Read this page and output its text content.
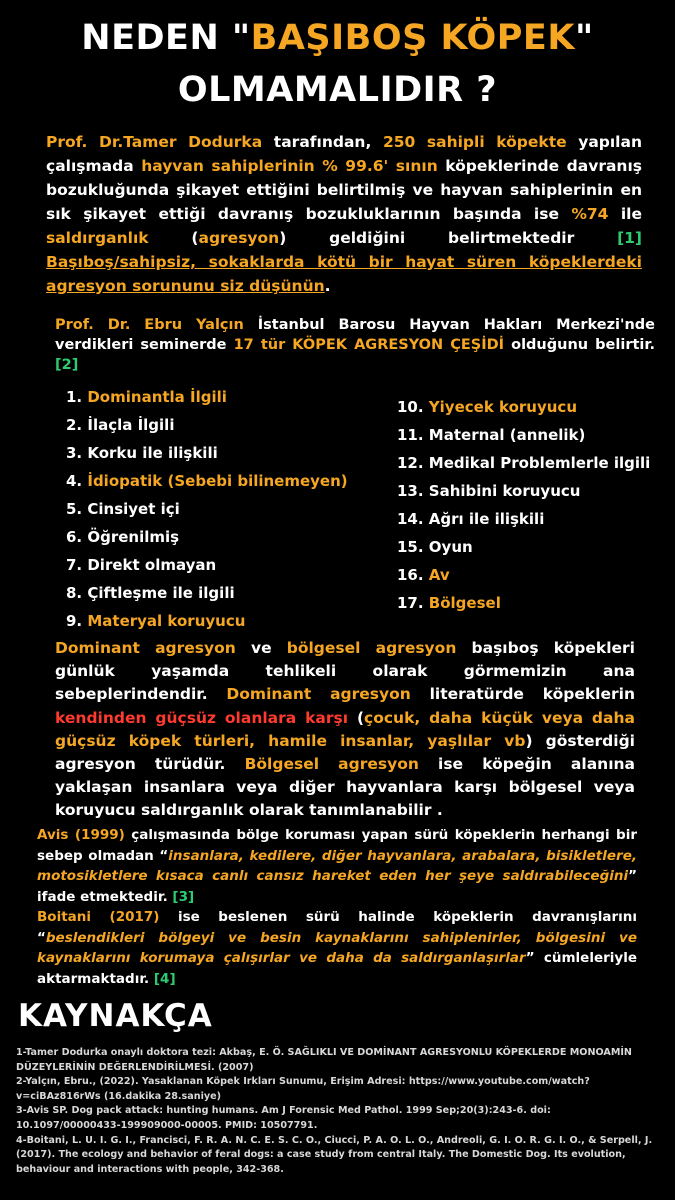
NEDEN "BAŞIBOŞ KÖPEK"
OLMAMALIDIR ?
Prof. Dr.Tamer Dodurka tarafından, 250 sahipli köpekte yapılan çalışmada hayvan sahiplerinin % 99.6' sının köpeklerinde davranış bozukluğunda şikayet ettiğini belirtilmiş ve hayvan sahiplerinin en sık şikayet ettiği davranış bozukluklarının başında ise %74 ile saldırganlık (agresyon) geldiğini belirtmektedir [1] Başıboş/sahipsiz, sokaklarda kötü bir hayat süren köpeklerdeki agresyon sorununu siz düşünün.
Prof. Dr. Ebru Yalçın İstanbul Barosu Hayvan Hakları Merkezi'nde verdikleri seminerde 17 tür KÖPEK AGRESYON ÇEŞİDİ olduğunu belirtir. [2]
1. Dominantla İlgili
2. İlaçla İlgili
3. Korku ile ilişkili
4. İdiopatik (Sebebi bilinemeyen)
5. Cinsiyet içi
6. Öğrenilmiş
7. Direkt olmayan
8. Çiftleşme ile ilgili
9. Materyal koruyucu
10. Yiyecek koruyucu
11. Maternal (annelik)
12. Medikal Problemlerle ilgili
13. Sahibini koruyucu
14. Ağrı ile ilişkili
15. Oyun
16. Av
17. Bölgesel
Dominant agresyon ve bölgesel agresyon başıboş köpekleri günlük yaşamda tehlikeli olarak görmemizin ana sebeplerindendir. Dominant agresyon literatürde köpeklerin kendinden güçsüz olanlara karşı (çocuk, daha küçük veya daha güçsüz köpek türleri, hamile insanlar, yaşlılar vb) gösterdiği agresyon türüdür. Bölgesel agresyon ise köpeğin alanına yaklaşan insanlara veya diğer hayvanlara karşı bölgesel veya koruyucu saldırganlık olarak tanımlanabilir .
Avis (1999) çalışmasında bölge koruması yapan sürü köpeklerin herhangi bir sebep olmadan “insanlara, kedilere, diğer hayvanlara, arabalara, bisikletlere, motosikletlere kısaca canlı cansız hareket eden her şeye saldırabileceğini” ifade etmektedir. [3]
Boitani (2017) ise beslenen sürü halinde köpeklerin davranışlarını “beslendikleri bölgeyi ve besin kaynaklarını sahiplenirler, bölgesini ve kaynaklarını korumaya çalışırlar ve daha da saldırganlaşırlar” cümleleriyle aktarmaktadır. [4]
KAYNAKÇA

1-Tamer Dodurka onaylı doktora tezi: Akbaş, E. Ö. SAĞLIKLI VE DOMİNANT AGRESYONLU KÖPEKLERDE MONOAMİN DÜZEYLERİNİN DEĞERLENDİRİLMESİ. (2007)

2-Yalçın, Ebru., (2022). Yasaklanan Köpek Irkları Sunumu, Erişim Adresi: https://www.youtube.com/watch?v=ciBAz816rWs (16.dakika 28.saniye)

3-Avis SP. Dog pack attack: hunting humans. Am J Forensic Med Pathol. 1999 Sep;20(3):243-6. doi: 10.1097/00000433-199909000-00005. PMID: 10507791.

4-Boitani, L. U. I. G. I., Francisci, F. R. A. N. C. E. S. C. O., Ciucci, P. A. O. L. O., Andreoli, G. I. O. R. G. I. O., & Serpell, J. (2017). The ecology and behavior of feral dogs: a case study from central Italy. The Domestic Dog. Its evolution, behaviour and interactions with people, 342-368.
